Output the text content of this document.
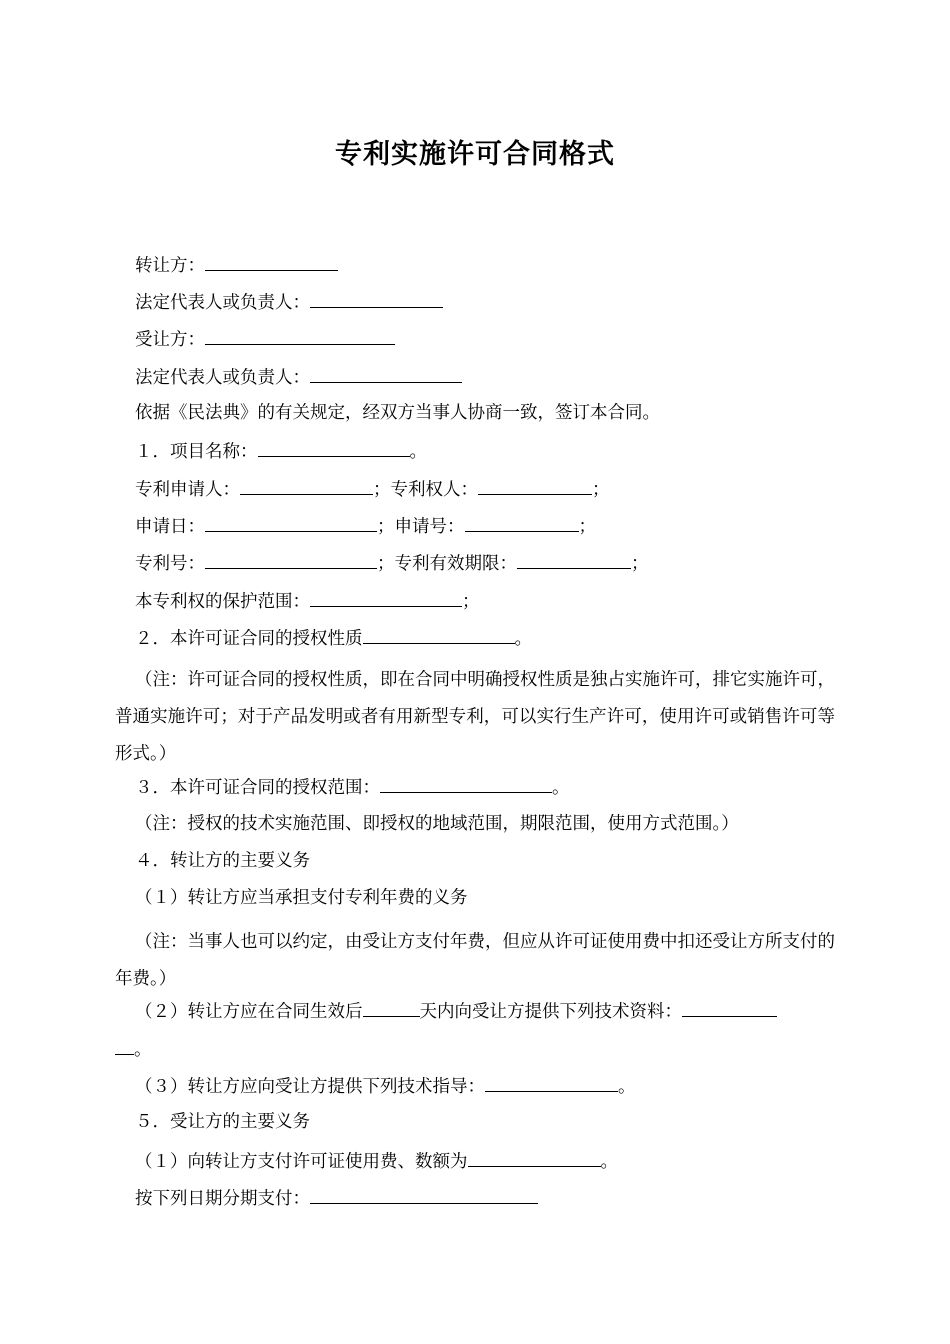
专利实施许可合同格式
转让方：
法定代表人或负责人：
受让方：
法定代表人或负责人：
依据《民法典》的有关规定，经双方当事人协商一致，签订本合同。
１．项目名称：	。
专利申请人：	；专利权人：	；
申请日：	；申请号：	；
专利号：	；专利有效期限：	；
本专利权的保护范围：	；
２．本许可证合同的授权性质	。
（注：许可证合同的授权性质，即在合同中明确授权性质是独占实施许可，排它实施许可，普通实施许可；对于产品发明或者有用新型专利，可以实行生产许可，使用许可或销售许可等形式。）
３．本许可证合同的授权范围：	。
（注：授权的技术实施范围、即授权的地域范围，期限范围，使用方式范围。）
４．转让方的主要义务
（１）转让方应当承担支付专利年费的义务
（注：当事人也可以约定，由受让方支付年费，但应从许可证使用费中扣还受让方所支付的年费。）
（２）转让方应在合同生效后	天内向受让方提供下列技术资料：
。
（３）转让方应向受让方提供下列技术指导：	。
５．受让方的主要义务
（１）向转让方支付许可证使用费、数额为	。
按下列日期分期支付：
